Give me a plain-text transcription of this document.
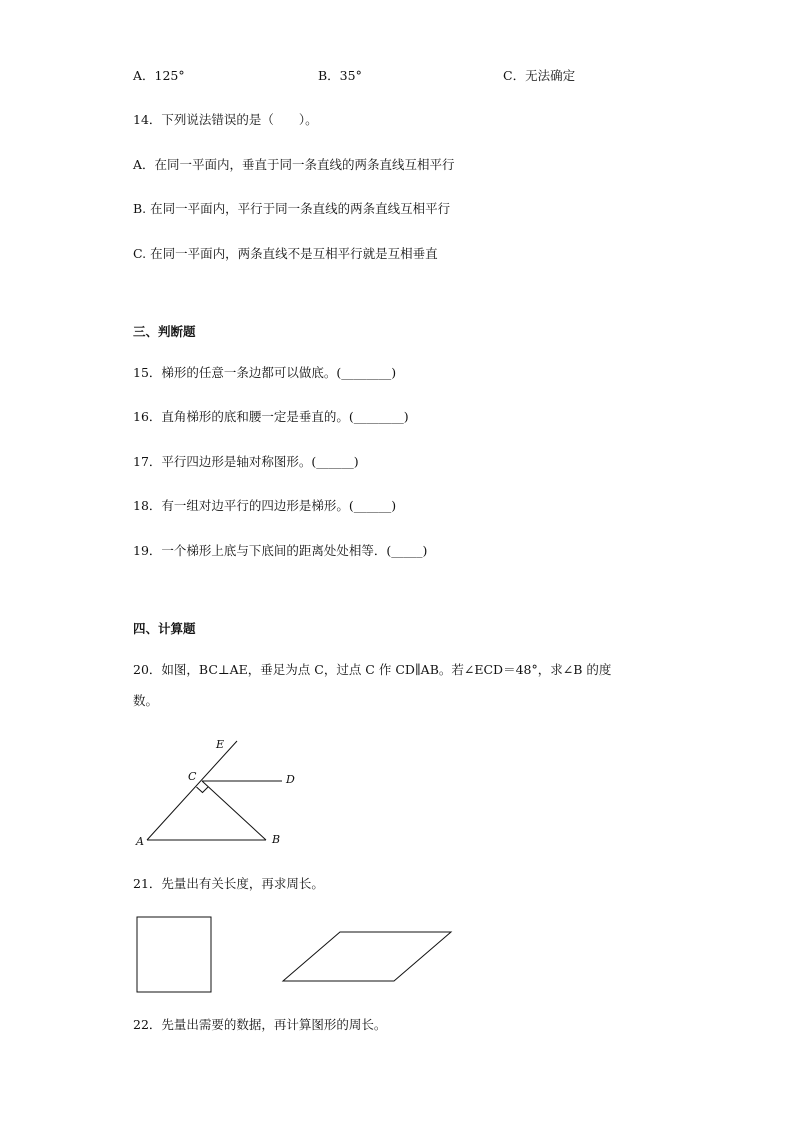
A．125°	B．35°	C．无法确定
14．下列说法错误的是（　　）。
A．在同一平面内，垂直于同一条直线的两条直线互相平行
B. 在同一平面内，平行于同一条直线的两条直线互相平行
C. 在同一平面内，两条直线不是互相平行就是互相垂直
三、判断题
15．梯形的任意一条边都可以做底。(________)
16．直角梯形的底和腰一定是垂直的。(________)
17．平行四边形是轴对称图形。(______)
18．有一组对边平行的四边形是梯形。(______)
19．一个梯形上底与下底间的距离处处相等．(_____)
四、计算题
20．如图，BC⊥AE，垂足为点 C，过点 C 作 CD∥AB。若∠ECD＝48°，求∠B 的度
数。
E
C	D
A	B
21．先量出有关长度，再求周长。
22．先量出需要的数据，再计算图形的周长。
